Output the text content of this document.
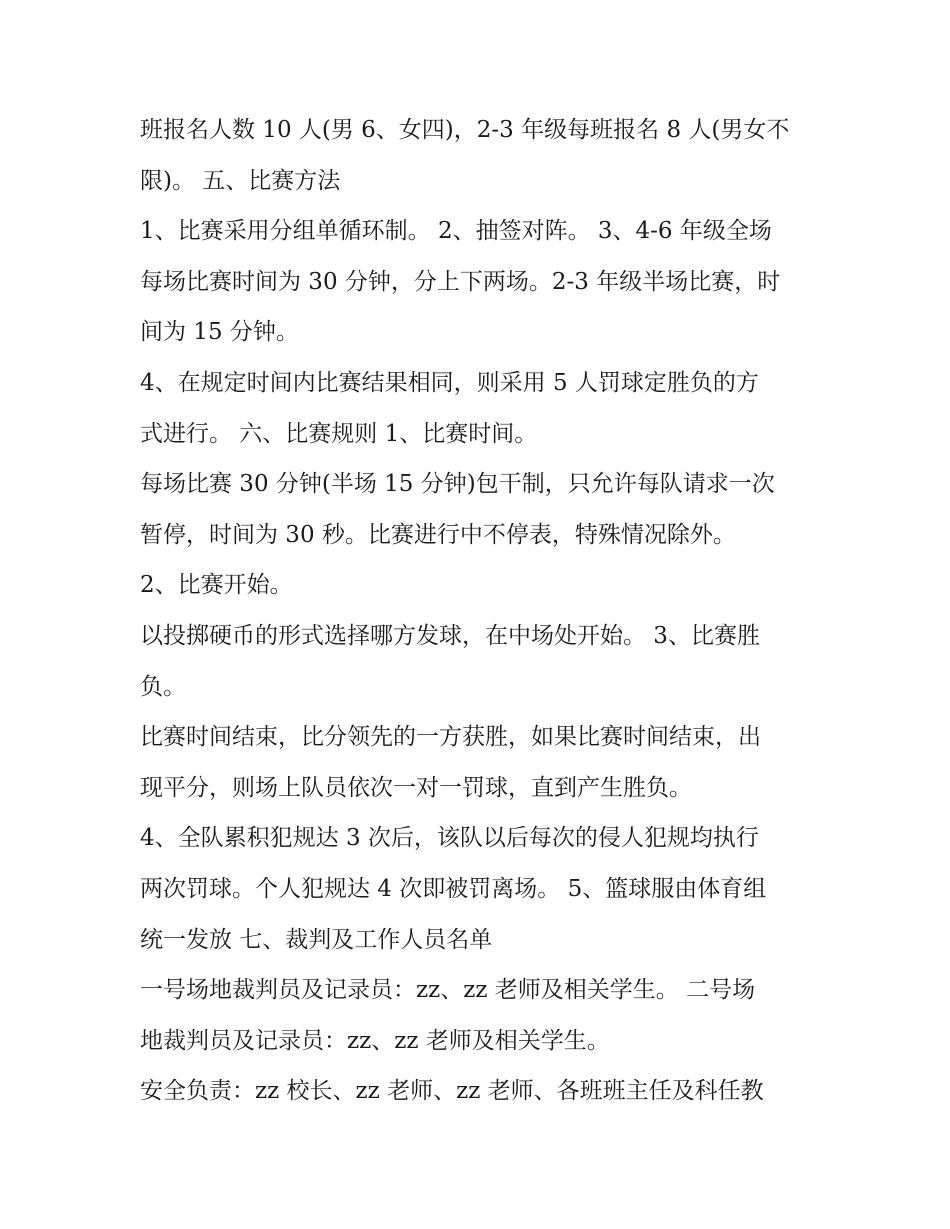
班报名人数 10 人(男 6、女四)，2-3 年级每班报名 8 人(男女不
限)。 五、比赛方法
1、比赛采用分组单循环制。 2、抽签对阵。 3、4-6 年级全场
每场比赛时间为 30 分钟，分上下两场。2-3 年级半场比赛，时
间为 15 分钟。
4、在规定时间内比赛结果相同，则采用 5 人罚球定胜负的方
式进行。 六、比赛规则 1、比赛时间。
每场比赛 30 分钟(半场 15 分钟)包干制，只允许每队请求一次
暂停，时间为 30 秒。比赛进行中不停表，特殊情况除外。
2、比赛开始。
以投掷硬币的形式选择哪方发球，在中场处开始。 3、比赛胜
负。
比赛时间结束，比分领先的一方获胜，如果比赛时间结束，出
现平分，则场上队员依次一对一罚球，直到产生胜负。
4、全队累积犯规达 3 次后，该队以后每次的侵人犯规均执行
两次罚球。个人犯规达 4 次即被罚离场。 5、篮球服由体育组
统一发放 七、裁判及工作人员名单
一号场地裁判员及记录员：zz、zz 老师及相关学生。 二号场
地裁判员及记录员：zz、zz 老师及相关学生。
安全负责：zz 校长、zz 老师、zz 老师、各班班主任及科任教
